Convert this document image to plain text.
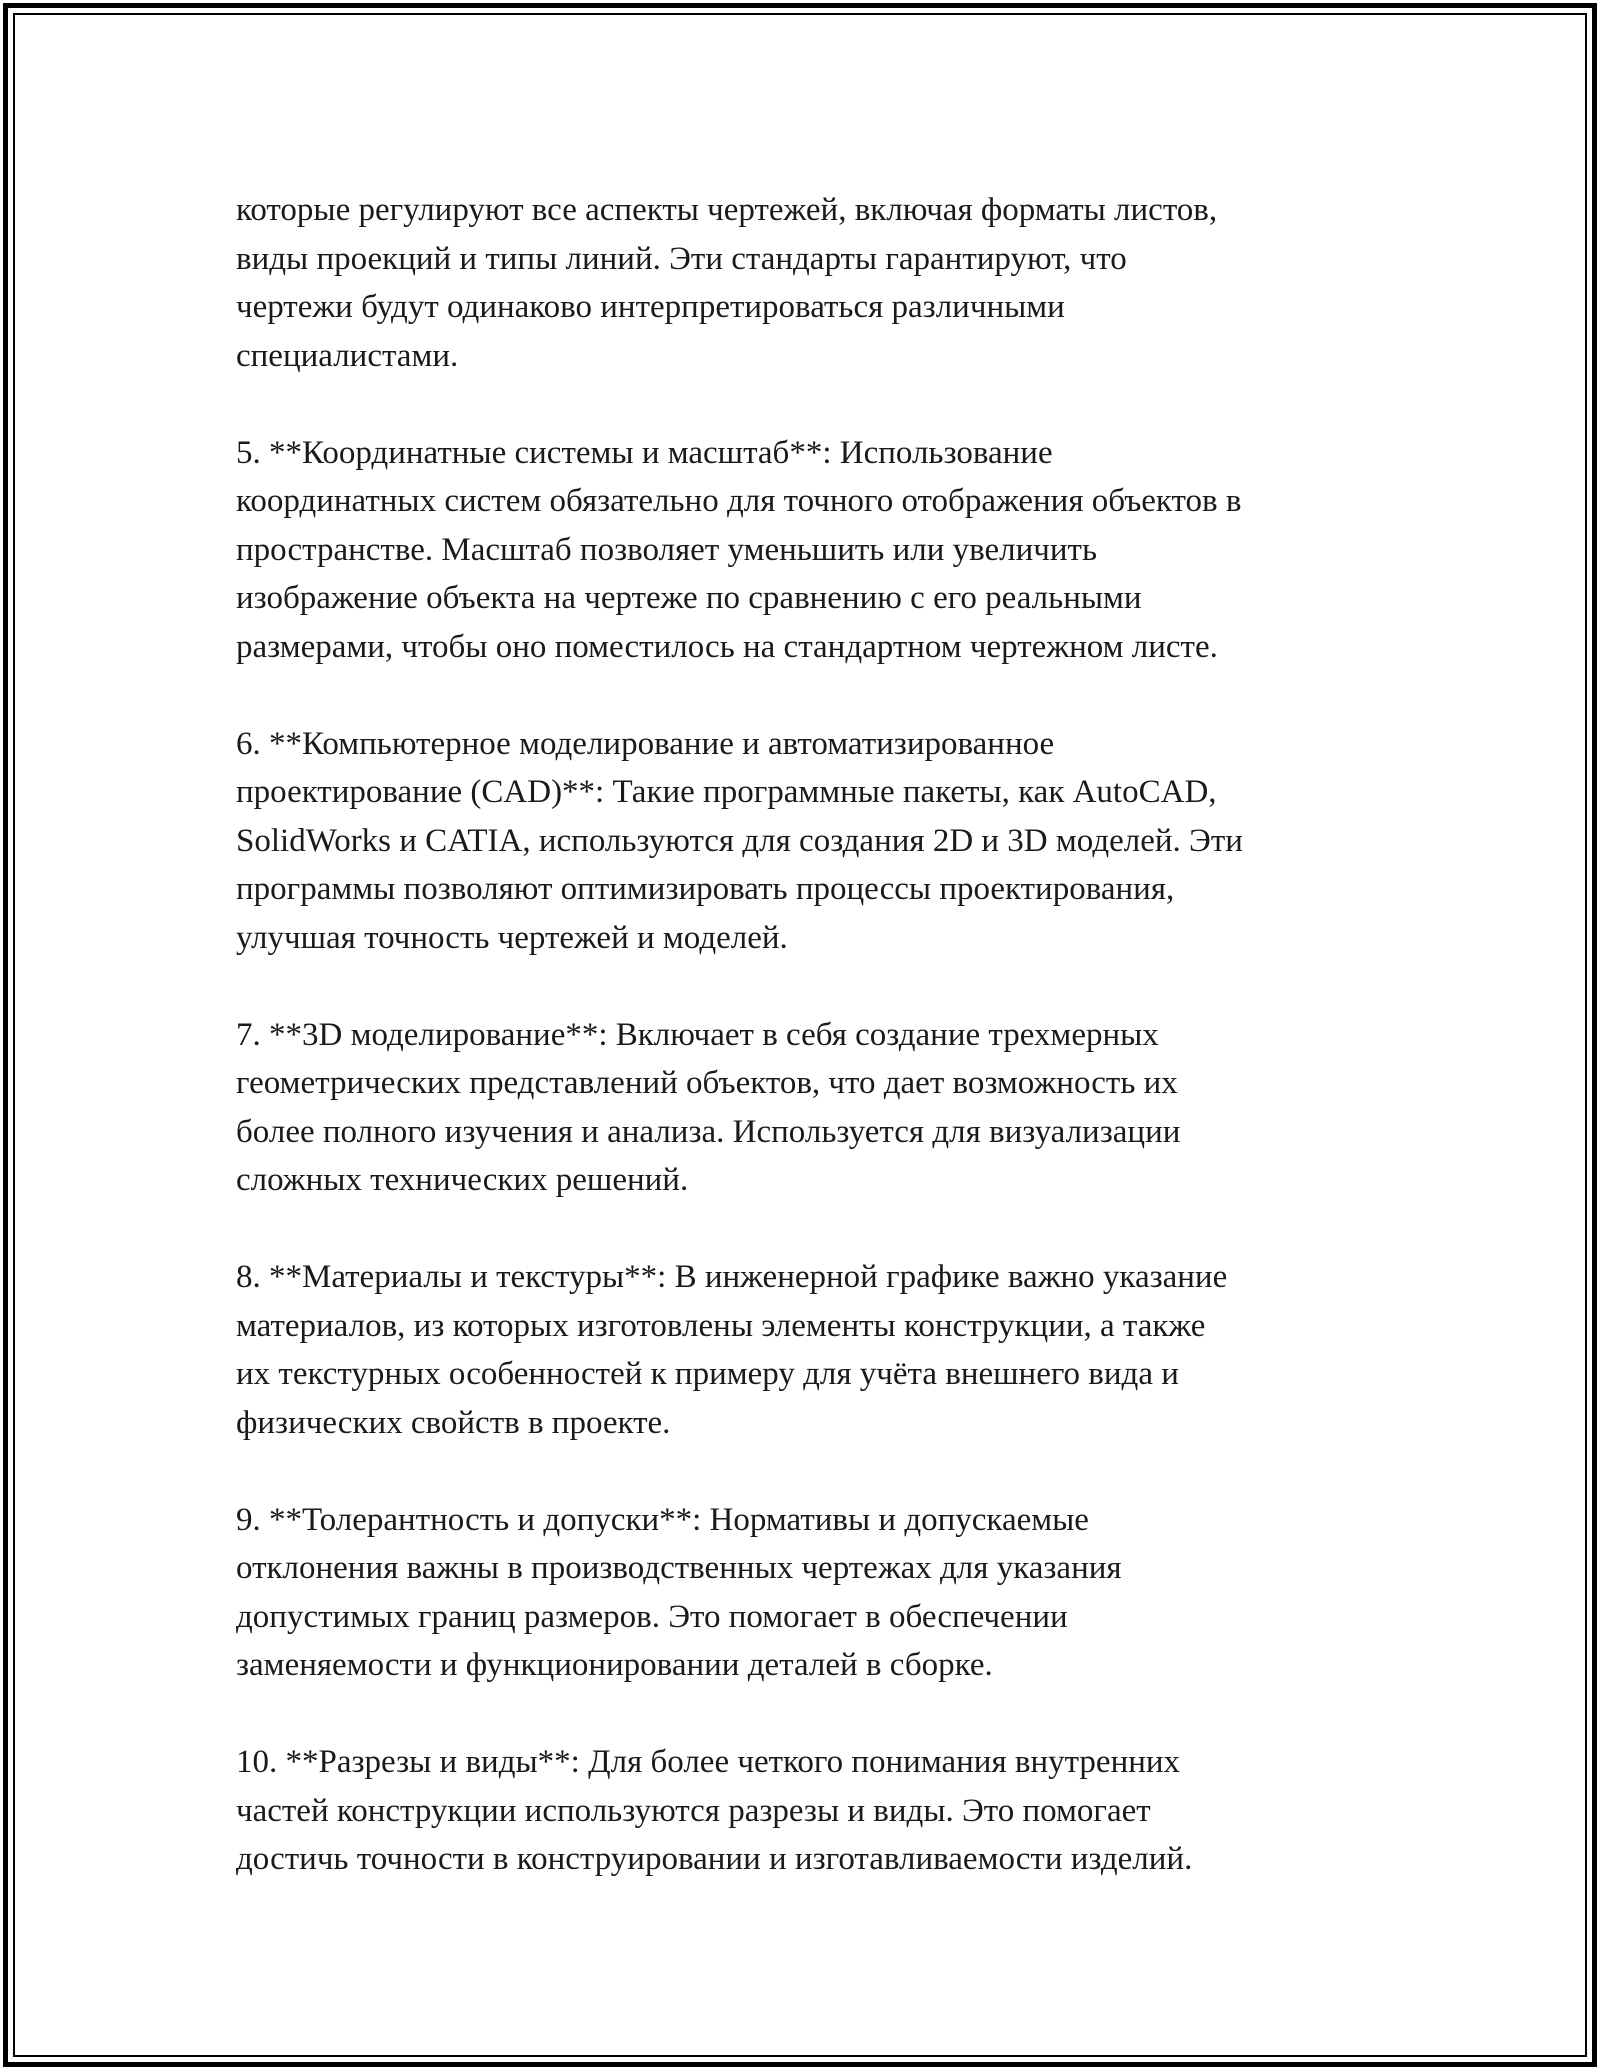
которые регулируют все аспекты чертежей, включая форматы листов,
виды проекций и типы линий. Эти стандарты гарантируют, что
чертежи будут одинаково интерпретироваться различными
специалистами.

5. **Координатные системы и масштаб**: Использование
координатных систем обязательно для точного отображения объектов в
пространстве. Масштаб позволяет уменьшить или увеличить
изображение объекта на чертеже по сравнению с его реальными
размерами, чтобы оно поместилось на стандартном чертежном листе.

6. **Компьютерное моделирование и автоматизированное
проектирование (CAD)**: Такие программные пакеты, как AutoCAD,
SolidWorks и CATIA, используются для создания 2D и 3D моделей. Эти
программы позволяют оптимизировать процессы проектирования,
улучшая точность чертежей и моделей.

7. **3D моделирование**: Включает в себя создание трехмерных
геометрических представлений объектов, что дает возможность их
более полного изучения и анализа. Используется для визуализации
сложных технических решений.

8. **Материалы и текстуры**: В инженерной графике важно указание
материалов, из которых изготовлены элементы конструкции, а также
их текстурных особенностей к примеру для учёта внешнего вида и
физических свойств в проекте.

9. **Толерантность и допуски**: Нормативы и допускаемые
отклонения важны в производственных чертежах для указания
допустимых границ размеров. Это помогает в обеспечении
заменяемости и функционировании деталей в сборке.

10. **Разрезы и виды**: Для более четкого понимания внутренних
частей конструкции используются разрезы и виды. Это помогает
достичь точности в конструировании и изготавливаемости изделий.
